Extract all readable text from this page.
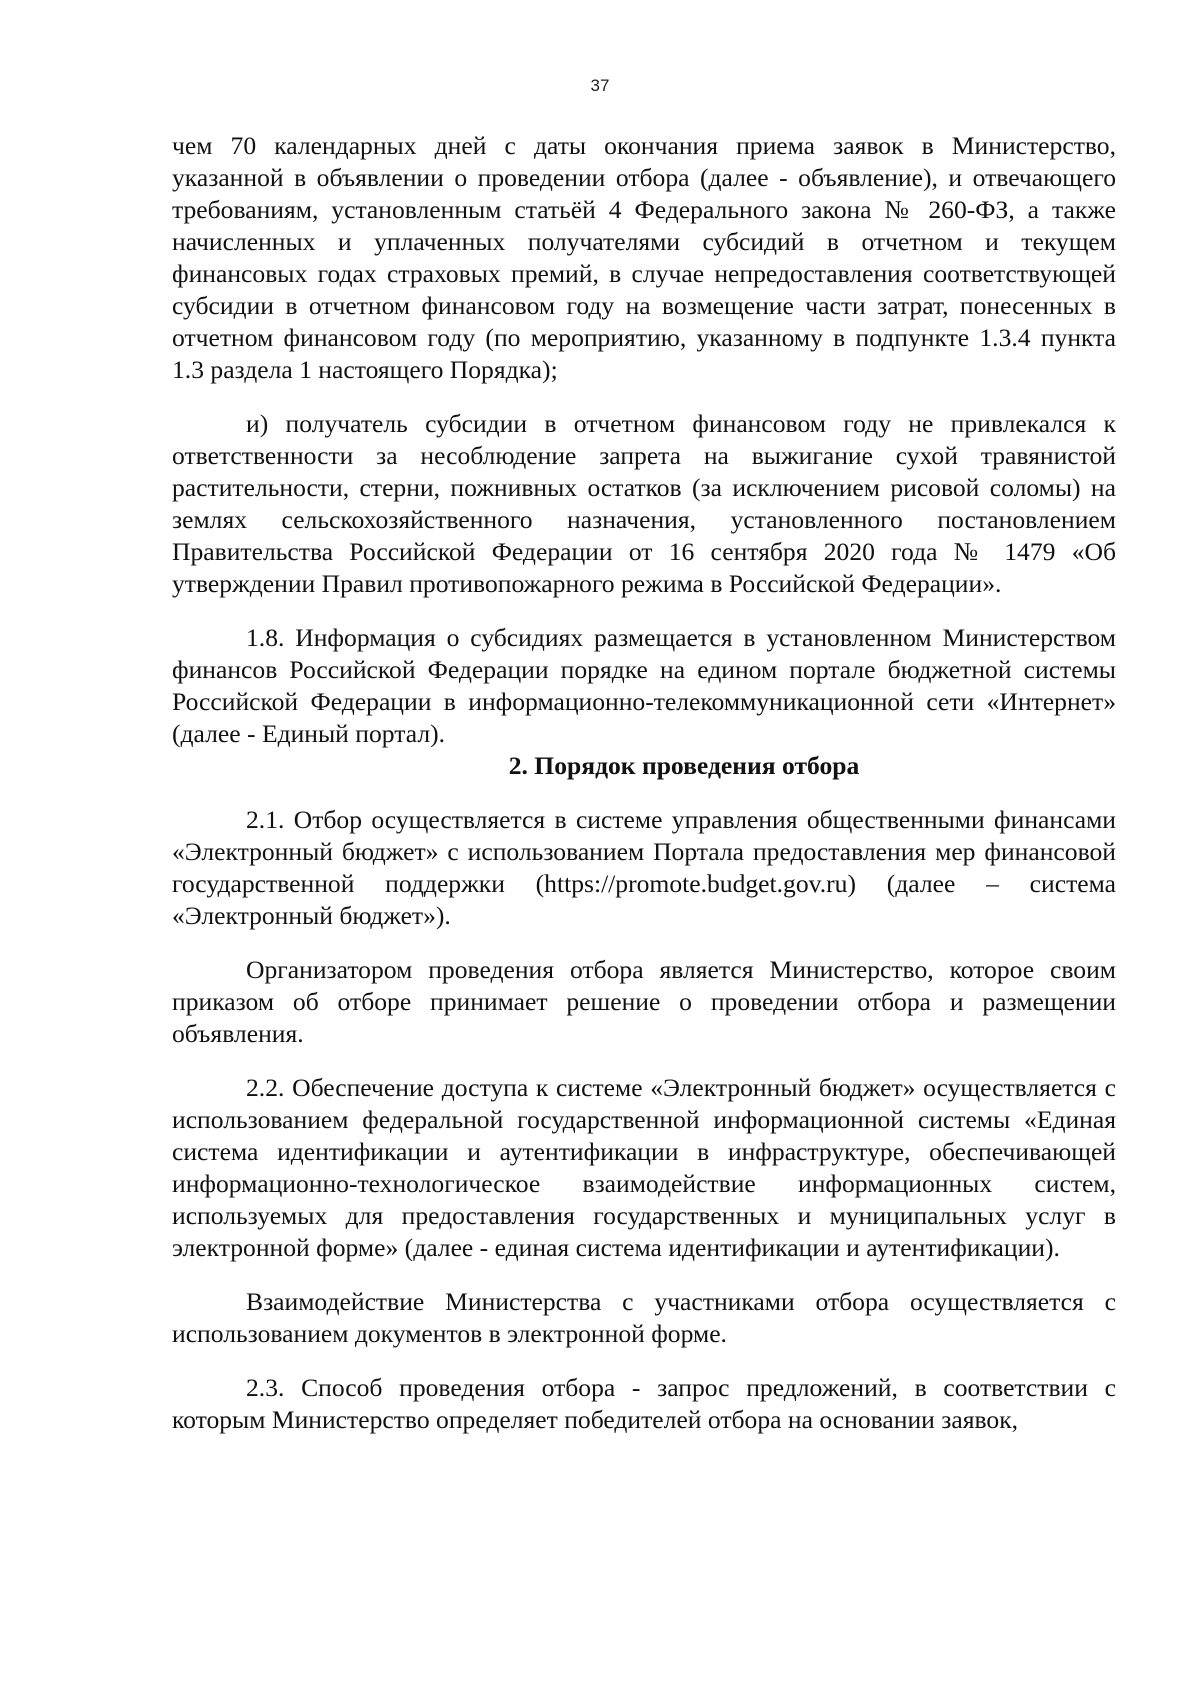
37

чем 70 календарных дней с даты окончания приема заявок в Министерство, указанной в объявлении о проведении отбора (далее - объявление), и отвечающего требованиям, установленным статьёй 4 Федерального закона № 260-ФЗ, а также начисленных и уплаченных получателями субсидий в отчетном и текущем финансовых годах страховых премий, в случае непредоставления соответствующей субсидии в отчетном финансовом году на возмещение части затрат, понесенных в отчетном финансовом году (по мероприятию, указанному в подпункте 1.3.4 пункта 1.3 раздела 1 настоящего Порядка);

и) получатель субсидии в отчетном финансовом году не привлекался к ответственности за несоблюдение запрета на выжигание сухой травянистой растительности, стерни, пожнивных остатков (за исключением рисовой соломы) на землях сельскохозяйственного назначения, установленного постановлением Правительства Российской Федерации от 16 сентября 2020 года № 1479 «Об утверждении Правил противопожарного режима в Российской Федерации».

1.8. Информация о субсидиях размещается в установленном Министерством финансов Российской Федерации порядке на едином портале бюджетной системы Российской Федерации в информационно-телекоммуникационной сети «Интернет» (далее - Единый портал).

2. Порядок проведения отбора

2.1. Отбор осуществляется в системе управления общественными финансами «Электронный бюджет» с использованием Портала предоставления мер финансовой государственной поддержки (https://promote.budget.gov.ru) (далее – система «Электронный бюджет»).

Организатором проведения отбора является Министерство, которое своим приказом об отборе принимает решение о проведении отбора и размещении объявления.

2.2. Обеспечение доступа к системе «Электронный бюджет» осуществляется с использованием федеральной государственной информационной системы «Единая система идентификации и аутентификации в инфраструктуре, обеспечивающей информационно-технологическое взаимодействие информационных систем, используемых для предоставления государственных и муниципальных услуг в электронной форме» (далее - единая система идентификации и аутентификации).

Взаимодействие Министерства с участниками отбора осуществляется с использованием документов в электронной форме.

2.3. Способ проведения отбора - запрос предложений, в соответствии с которым Министерство определяет победителей отбора на основании заявок,
